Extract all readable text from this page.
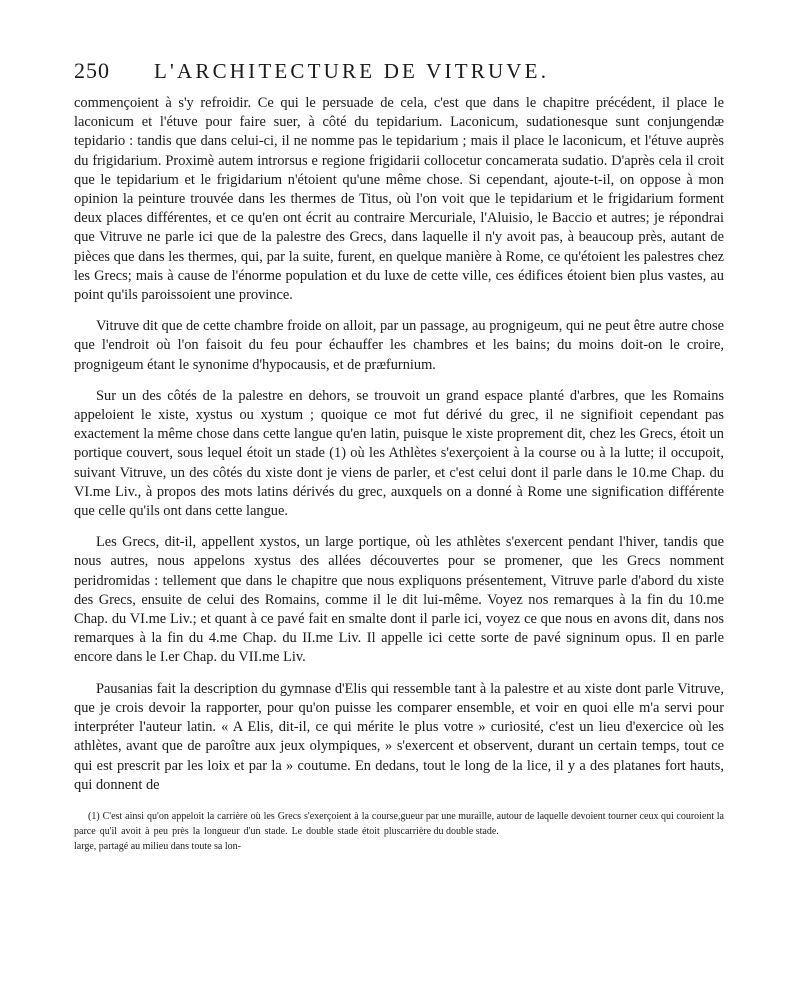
250	L'ARCHITECTURE DE VITRUVE.

commençoient à s'y refroidir. Ce qui le persuade de cela, c'est que dans le chapitre précédent, il place le laconicum et l'étuve pour faire suer, à côté du tepidarium. Laconicum, sudationesque sunt conjungendæ tepidario : tandis que dans celui-ci, il ne nomme pas le tepidarium ; mais il place le laconicum, et l'étuve auprès du frigidarium. Proximè autem introrsus e regione frigidarii collocetur concamerata sudatio. D'après cela il croit que le tepidarium et le frigidarium n'étoient qu'une même chose. Si cependant, ajoute-t-il, on oppose à mon opinion la peinture trouvée dans les thermes de Titus, où l'on voit que le tepidarium et le frigidarium forment deux places différentes, et ce qu'en ont écrit au contraire Mercuriale, l'Aluisio, le Baccio et autres; je répondrai que Vitruve ne parle ici que de la palestre des Grecs, dans laquelle il n'y avoit pas, à beaucoup près, autant de pièces que dans les thermes, qui, par la suite, furent, en quelque manière à Rome, ce qu'étoient les palestres chez les Grecs; mais à cause de l'énorme population et du luxe de cette ville, ces édifices étoient bien plus vastes, au point qu'ils paroissoient une province.

Vitruve dit que de cette chambre froide on alloit, par un passage, au prognigeum, qui ne peut être autre chose que l'endroit où l'on faisoit du feu pour échauffer les chambres et les bains; du moins doit-on le croire, prognigeum étant le synonime d'hypocausis, et de præfurnium.

Sur un des côtés de la palestre en dehors, se trouvoit un grand espace planté d'arbres, que les Romains appeloient le xiste, xystus ou xystum ; quoique ce mot fut dérivé du grec, il ne signifioit cependant pas exactement la même chose dans cette langue qu'en latin, puisque le xiste proprement dit, chez les Grecs, étoit un portique couvert, sous lequel étoit un stade (1) où les Athlètes s'exerçoient à la course ou à la lutte; il occupoit, suivant Vitruve, un des côtés du xiste dont je viens de parler, et c'est celui dont il parle dans le 10.me Chap. du VI.me Liv., à propos des mots latins dérivés du grec, auxquels on a donné à Rome une signification différente que celle qu'ils ont dans cette langue.

Les Grecs, dit-il, appellent xystos, un large portique, où les athlètes s'exercent pendant l'hiver, tandis que nous autres, nous appelons xystus des allées découvertes pour se promener, que les Grecs nomment peridromidas : tellement que dans le chapitre que nous expliquons présentement, Vitruve parle d'abord du xiste des Grecs, ensuite de celui des Romains, comme il le dit lui-même. Voyez nos remarques à la fin du 10.me Chap. du VI.me Liv.; et quant à ce pavé fait en smalte dont il parle ici, voyez ce que nous en avons dit, dans nos remarques à la fin du 4.me Chap. du II.me Liv. Il appelle ici cette sorte de pavé signinum opus. Il en parle encore dans le I.er Chap. du VII.me Liv.

Pausanias fait la description du gymnase d'Elis qui ressemble tant à la palestre et au xiste dont parle Vitruve, que je crois devoir la rapporter, pour qu'on puisse les comparer ensemble, et voir en quoi elle m'a servi pour interpréter l'auteur latin. « A Elis, dit-il, ce qui mérite le plus votre » curiosité, c'est un lieu d'exercice où les athlètes, avant que de paroître aux jeux olympiques, » s'exercent et observent, durant un certain temps, tout ce qui est prescrit par les loix et par la » coutume. En dedans, tout le long de la lice, il y a des platanes fort hauts, qui donnent de

(1) C'est ainsi qu'on appeloit la carrière où les Grecs s'exerçoient à la course, parce qu'il avoit à peu près la longueur d'un stade. Le double stade étoit plus large, partagé au milieu dans toute sa lon-
gueur par une muraille, autour de laquelle devoient tourner ceux qui couroient la carrière du double stade.
